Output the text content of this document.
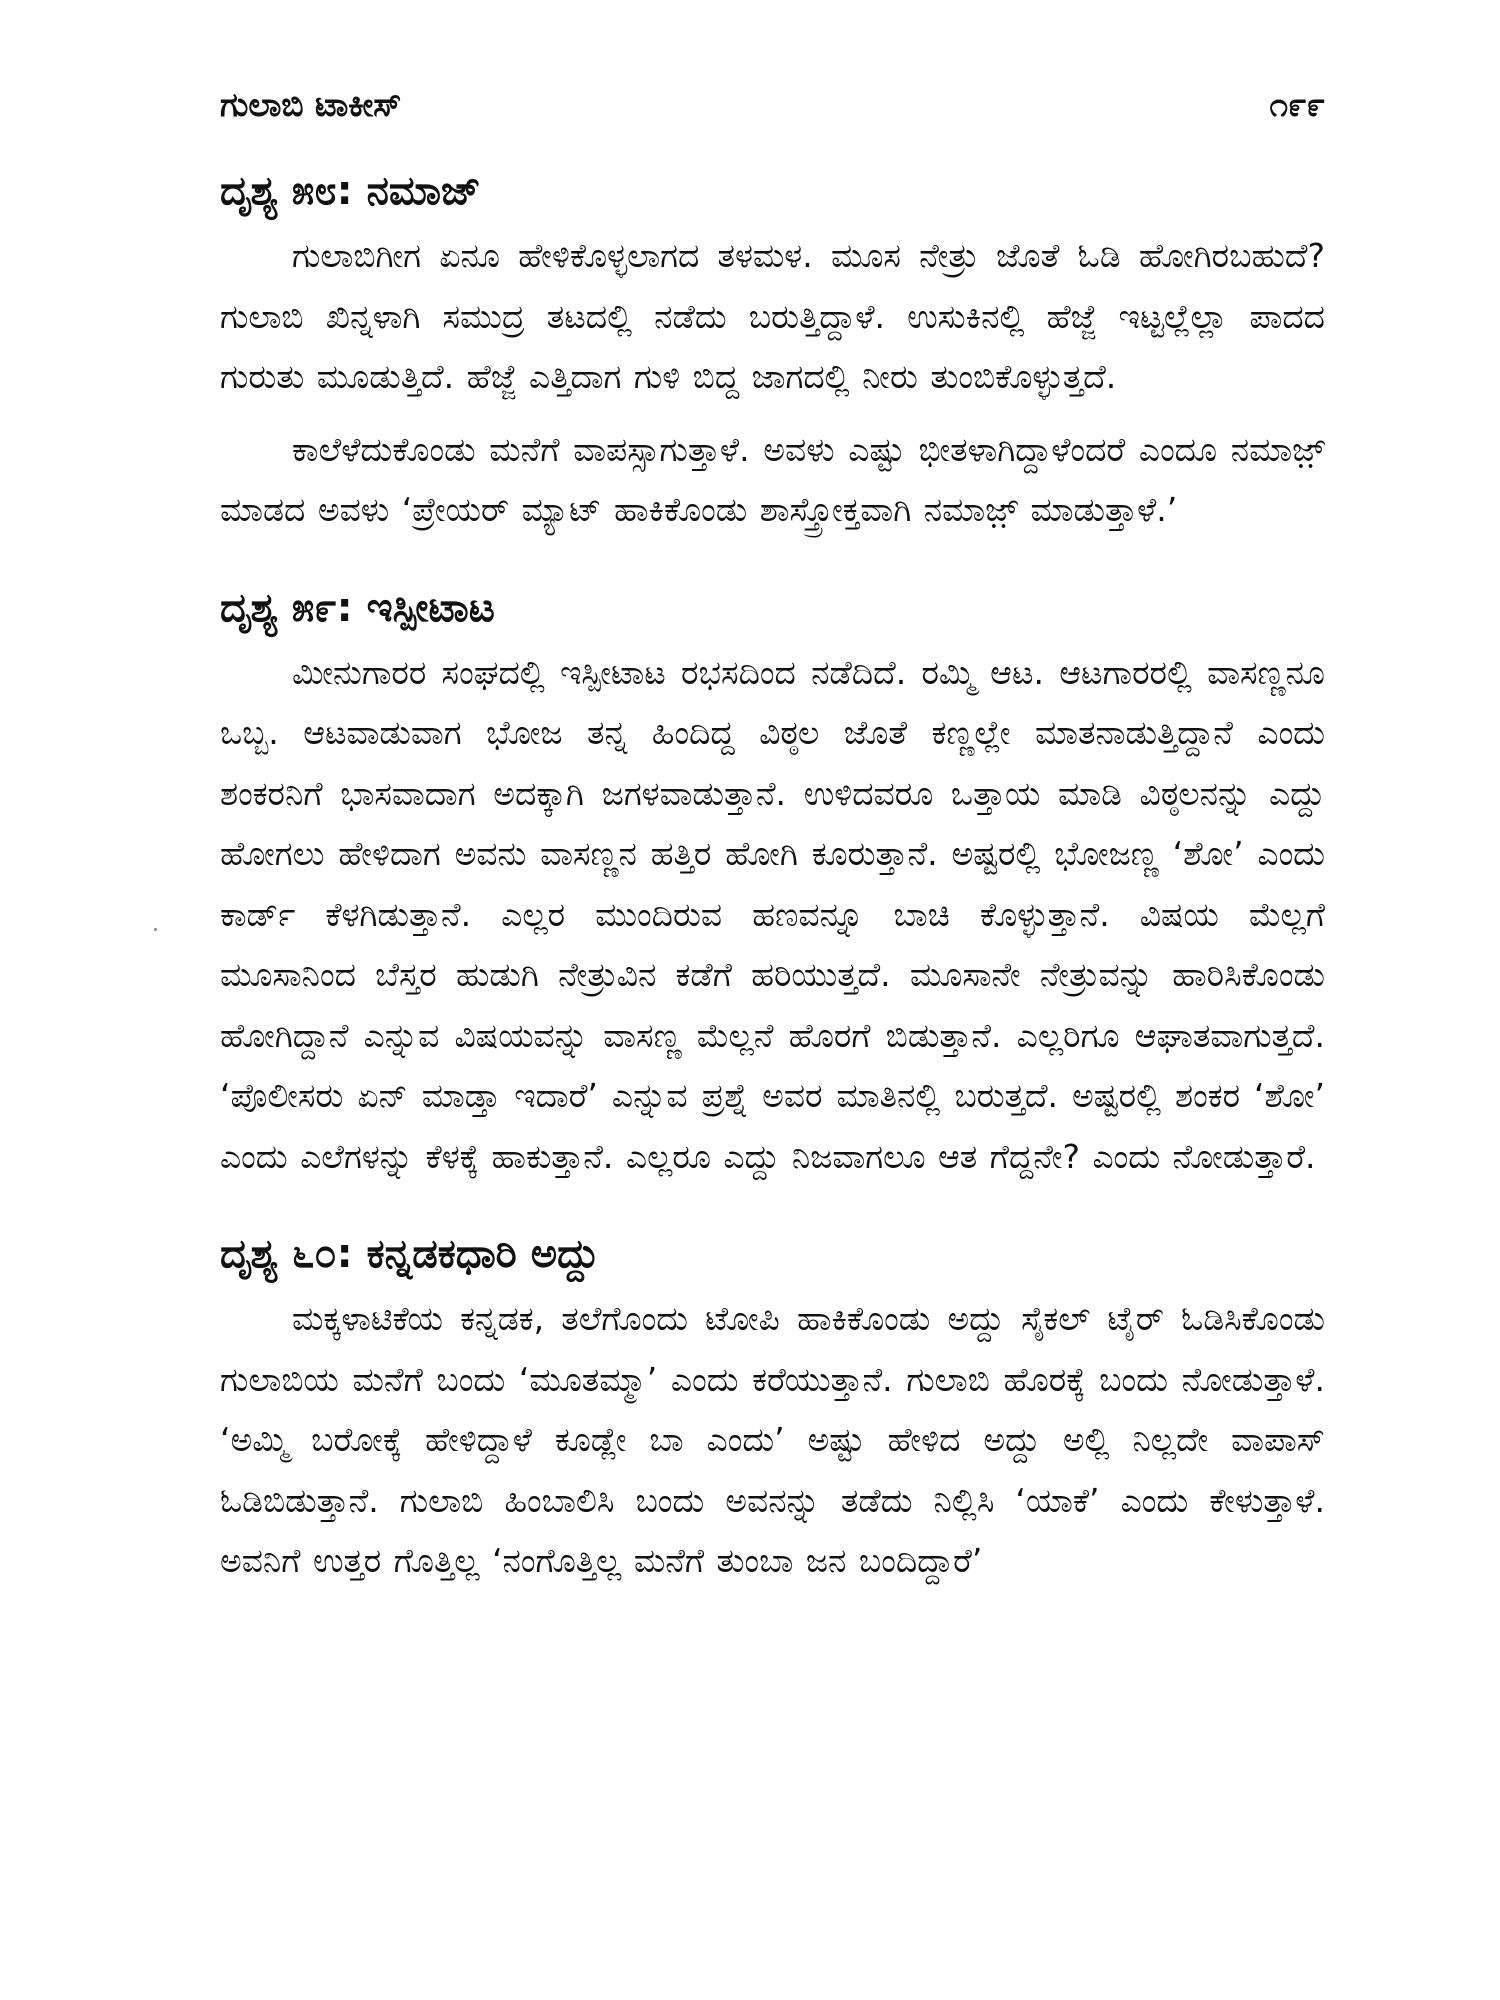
ಗುಲಾಬಿ ಟಾಕೀಸ್	೧೯೯
ದೃಶ್ಯ ೫೮: ನಮಾಜ್

ಗುಲಾಬಿಗೀಗ ಏನೂ ಹೇಳಿಕೊಳ್ಳಲಾಗದ ತಳಮಳ. ಮೂಸ ನೇತ್ರು ಜೊತೆ ಓಡಿ ಹೋಗಿರಬಹುದೆ? ಗುಲಾಬಿ ಖಿನ್ನಳಾಗಿ ಸಮುದ್ರ ತಟದಲ್ಲಿ ನಡೆದು ಬರುತ್ತಿದ್ದಾಳೆ. ಉಸುಕಿನಲ್ಲಿ ಹೆಜ್ಜೆ ಇಟ್ಟಲ್ಲೆಲ್ಲಾ ಪಾದದ ಗುರುತು ಮೂಡುತ್ತಿದೆ. ಹೆಜ್ಜೆ ಎತ್ತಿದಾಗ ಗುಳಿ ಬಿದ್ದ ಜಾಗದಲ್ಲಿ ನೀರು ತುಂಬಿಕೊಳ್ಳುತ್ತದೆ.

ಕಾಲೆಳೆದುಕೊಂಡು ಮನೆಗೆ ವಾಪಸ್ಸಾಗುತ್ತಾಳೆ. ಅವಳು ಎಷ್ಟು ಭೀತಳಾಗಿದ್ದಾಳೆಂದರೆ ಎಂದೂ ನಮಾಜ಼್ ಮಾಡದ ಅವಳು ‘ಪ್ರೇಯರ್ ಮ್ಯಾಟ್ ಹಾಕಿಕೊಂಡು ಶಾಸ್ತ್ರೋಕ್ತವಾಗಿ ನಮಾಜ಼್ ಮಾಡುತ್ತಾಳೆ.’

ದೃಶ್ಯ ೫೯: ಇಸ್ಪೀಟಾಟ

ಮೀನುಗಾರರ ಸಂಘದಲ್ಲಿ ಇಸ್ಪೀಟಾಟ ರಭಸದಿಂದ ನಡೆದಿದೆ. ರಮ್ಮಿ ಆಟ. ಆಟಗಾರರಲ್ಲಿ ವಾಸಣ್ಣನೂ ಒಬ್ಬ. ಆಟವಾಡುವಾಗ ಭೋಜ ತನ್ನ ಹಿಂದಿದ್ದ ವಿಠ್ಠಲ ಜೊತೆ ಕಣ್ಣಲ್ಲೇ ಮಾತನಾಡುತ್ತಿದ್ದಾನೆ ಎಂದು ಶಂಕರನಿಗೆ ಭಾಸವಾದಾಗ ಅದಕ್ಕಾಗಿ ಜಗಳವಾಡುತ್ತಾನೆ. ಉಳಿದವರೂ ಒತ್ತಾಯ ಮಾಡಿ ವಿಠ್ಠಲನನ್ನು ಎದ್ದು ಹೋಗಲು ಹೇಳಿದಾಗ ಅವನು ವಾಸಣ್ಣನ ಹತ್ತಿರ ಹೋಗಿ ಕೂರುತ್ತಾನೆ. ಅಷ್ಟರಲ್ಲಿ ಭೋಜಣ್ಣ ‘ಶೋ’ ಎಂದು ಕಾರ್ಡ್ ಕೆಳಗಿಡುತ್ತಾನೆ. ಎಲ್ಲರ ಮುಂದಿರುವ ಹಣವನ್ನೂ ಬಾಚಿ ಕೊಳ್ಳುತ್ತಾನೆ. ವಿಷಯ ಮೆಲ್ಲಗೆ ಮೂಸಾನಿಂದ ಬೆಸ್ತರ ಹುಡುಗಿ ನೇತ್ರುವಿನ ಕಡೆಗೆ ಹರಿಯುತ್ತದೆ. ಮೂಸಾನೇ ನೇತ್ರುವನ್ನು ಹಾರಿಸಿಕೊಂಡು ಹೋಗಿದ್ದಾನೆ ಎನ್ನುವ ವಿಷಯವನ್ನು ವಾಸಣ್ಣ ಮೆಲ್ಲನೆ ಹೊರಗೆ ಬಿಡುತ್ತಾನೆ. ಎಲ್ಲರಿಗೂ ಆಘಾತವಾಗುತ್ತದೆ. ‘ಪೊಲೀಸರು ಏನ್ ಮಾಡ್ತಾ ಇದಾರೆ’ ಎನ್ನುವ ಪ್ರಶ್ನೆ ಅವರ ಮಾತಿನಲ್ಲಿ ಬರುತ್ತದೆ. ಅಷ್ಟರಲ್ಲಿ ಶಂಕರ ‘ಶೋ’ ಎಂದು ಎಲೆಗಳನ್ನು ಕೆಳಕ್ಕೆ ಹಾಕುತ್ತಾನೆ. ಎಲ್ಲರೂ ಎದ್ದು ನಿಜವಾಗಲೂ ಆತ ಗೆದ್ದನೇ? ಎಂದು ನೋಡುತ್ತಾರೆ.

ದೃಶ್ಯ ೬೦: ಕನ್ನಡಕಧಾರಿ ಅದ್ದು

ಮಕ್ಕಳಾಟಿಕೆಯ ಕನ್ನಡಕ, ತಲೆಗೊಂದು ಟೋಪಿ ಹಾಕಿಕೊಂಡು ಅದ್ದು ಸೈಕಲ್ ಟೈರ್ ಓಡಿಸಿಕೊಂಡು ಗುಲಾಬಿಯ ಮನೆಗೆ ಬಂದು ‘ಮೂತಮ್ಮಾ’ ಎಂದು ಕರೆಯುತ್ತಾನೆ. ಗುಲಾಬಿ ಹೊರಕ್ಕೆ ಬಂದು ನೋಡುತ್ತಾಳೆ. ‘ಅಮ್ಮಿ ಬರೋಕ್ಕೆ ಹೇಳಿದ್ದಾಳೆ ಕೂಡ್ಲೇ ಬಾ ಎಂದು’ ಅಷ್ಟು ಹೇಳಿದ ಅದ್ದು ಅಲ್ಲಿ ನಿಲ್ಲದೇ ವಾಪಾಸ್ ಓಡಿಬಿಡುತ್ತಾನೆ. ಗುಲಾಬಿ ಹಿಂಬಾಲಿಸಿ ಬಂದು ಅವನನ್ನು ತಡೆದು ನಿಲ್ಲಿಸಿ ‘ಯಾಕೆ’ ಎಂದು ಕೇಳುತ್ತಾಳೆ. ಅವನಿಗೆ ಉತ್ತರ ಗೊತ್ತಿಲ್ಲ ‘ನಂಗೊತ್ತಿಲ್ಲ ಮನೆಗೆ ತುಂಬಾ ಜನ ಬಂದಿದ್ದಾರೆ’
